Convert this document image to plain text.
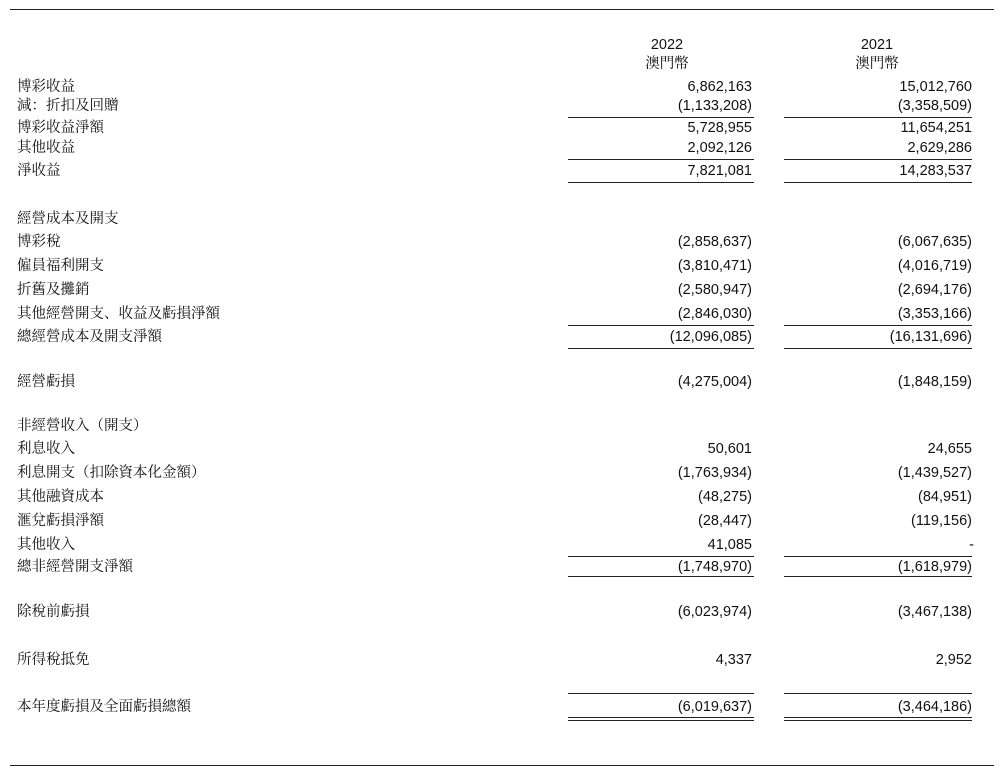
2022
澳門幣
2021
澳門幣
博彩收益	6,862,163	15,012,760
減：折扣及回贈	(1,133,208)	(3,358,509)
博彩收益淨額	5,728,955	11,654,251
其他收益	2,092,126	2,629,286
淨收益	7,821,081	14,283,537
經營成本及開支
博彩稅	(2,858,637)	(6,067,635)
僱員福利開支	(3,810,471)	(4,016,719)
折舊及攤銷	(2,580,947)	(2,694,176)
其他經營開支、收益及虧損淨額	(2,846,030)	(3,353,166)
總經營成本及開支淨額	(12,096,085)	(16,131,696)
經營虧損	(4,275,004)	(1,848,159)
非經營收入（開支）
利息收入	50,601	24,655
利息開支（扣除資本化金額）	(1,763,934)	(1,439,527)
其他融資成本	(48,275)	(84,951)
滙兌虧損淨額	(28,447)	(119,156)
其他收入	41,085	-
總非經營開支淨額	(1,748,970)	(1,618,979)
除稅前虧損	(6,023,974)	(3,467,138)
所得稅抵免	4,337	2,952
本年度虧損及全面虧損總額	(6,019,637)	(3,464,186)
